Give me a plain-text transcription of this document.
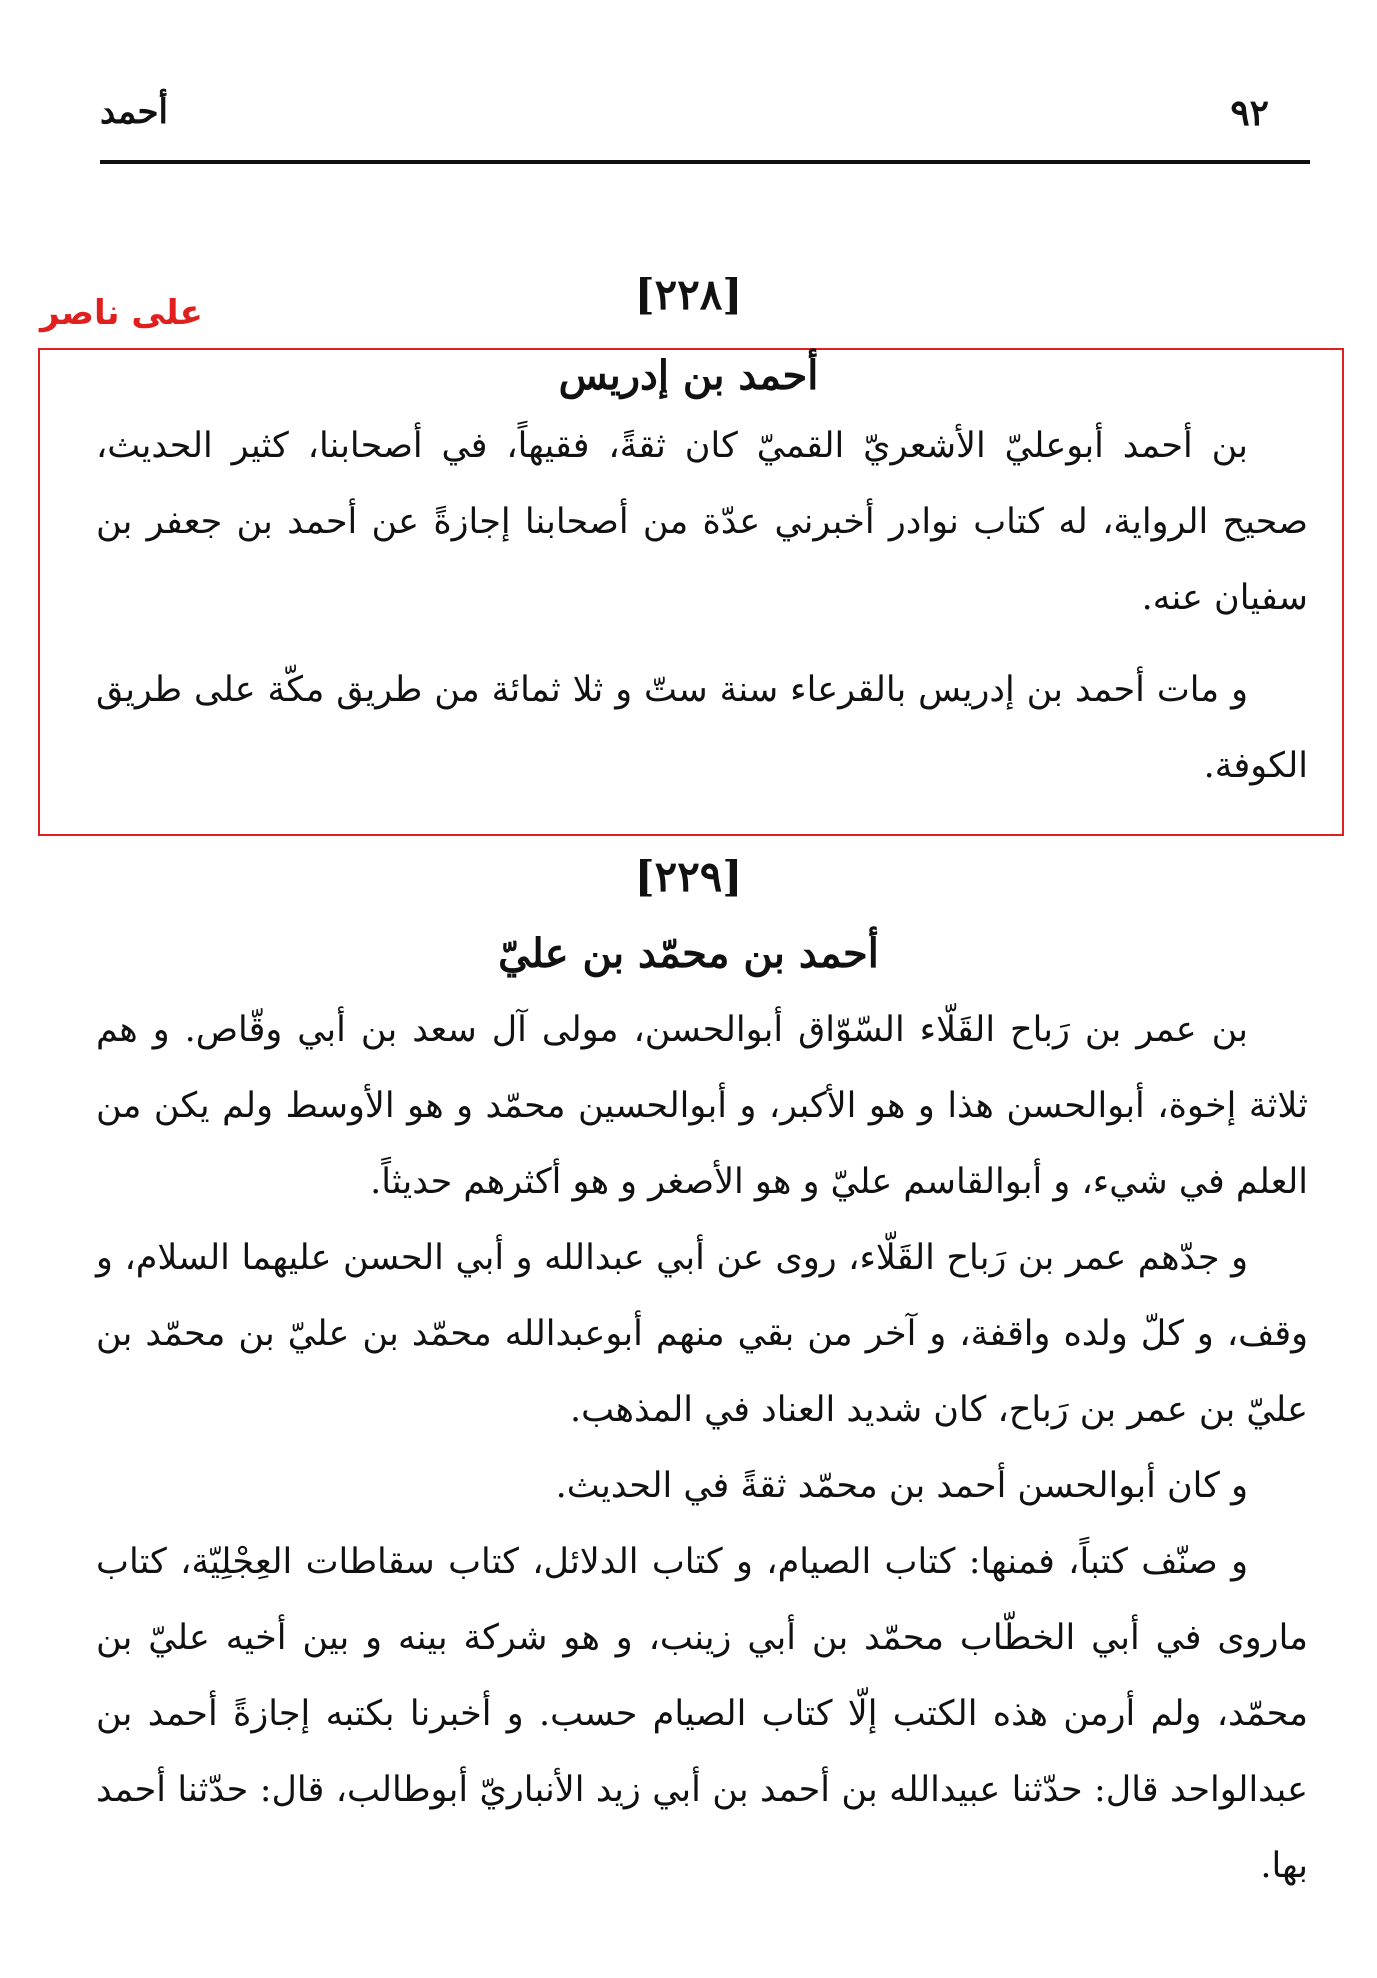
٩٢
أحمد
على ناصر	[٢٢٨]
أحمد بن إدريس

بن أحمد أبوعليّ الأشعريّ القميّ كان ثقةً، فقيهاً، في أصحابنا، كثير الحديث، صحيح الرواية، له كتاب نوادر أخبرني عدّة من أصحابنا إجازةً عن أحمد بن جعفر بن سفيان عنه.

و مات أحمد بن إدريس بالقرعاء سنة ستّ و ثلا ثمائة من طريق مكّة على طريق الكوفة.

[٢٢٩]
أحمد بن محمّد بن عليّ

بن عمر بن رَباح القَلّاء السّوّاق أبوالحسن، مولى آل سعد بن أبي وقّاص. و هم ثلاثة إخوة، أبوالحسن هذا و هو الأكبر، و أبوالحسين محمّد و هو الأوسط ولم يكن من العلم في شيء، و أبوالقاسم عليّ و هو الأصغر و هو أكثرهم حديثاً.

و جدّهم عمر بن رَباح القَلّاء، روى عن أبي عبدالله و أبي الحسن عليهما السلام، و وقف، و كلّ ولده واقفة، و آخر من بقي منهم أبوعبدالله محمّد بن عليّ بن محمّد بن عليّ بن عمر بن رَباح، كان شديد العناد في المذهب.

و كان أبوالحسن أحمد بن محمّد ثقةً في الحديث.

و صنّف كتباً، فمنها: كتاب الصيام، و كتاب الدلائل، كتاب سقاطات العِجْلِيّة، كتاب ماروى في أبي الخطّاب محمّد بن أبي زينب، و هو شركة بينه و بين أخيه عليّ بن محمّد، ولم أرمن هذه الكتب إلّا كتاب الصيام حسب. و أخبرنا بكتبه إجازةً أحمد بن عبدالواحد قال: حدّثنا عبيدالله بن أحمد بن أبي زيد الأنباريّ أبوطالب، قال: حدّثنا أحمد بها.
